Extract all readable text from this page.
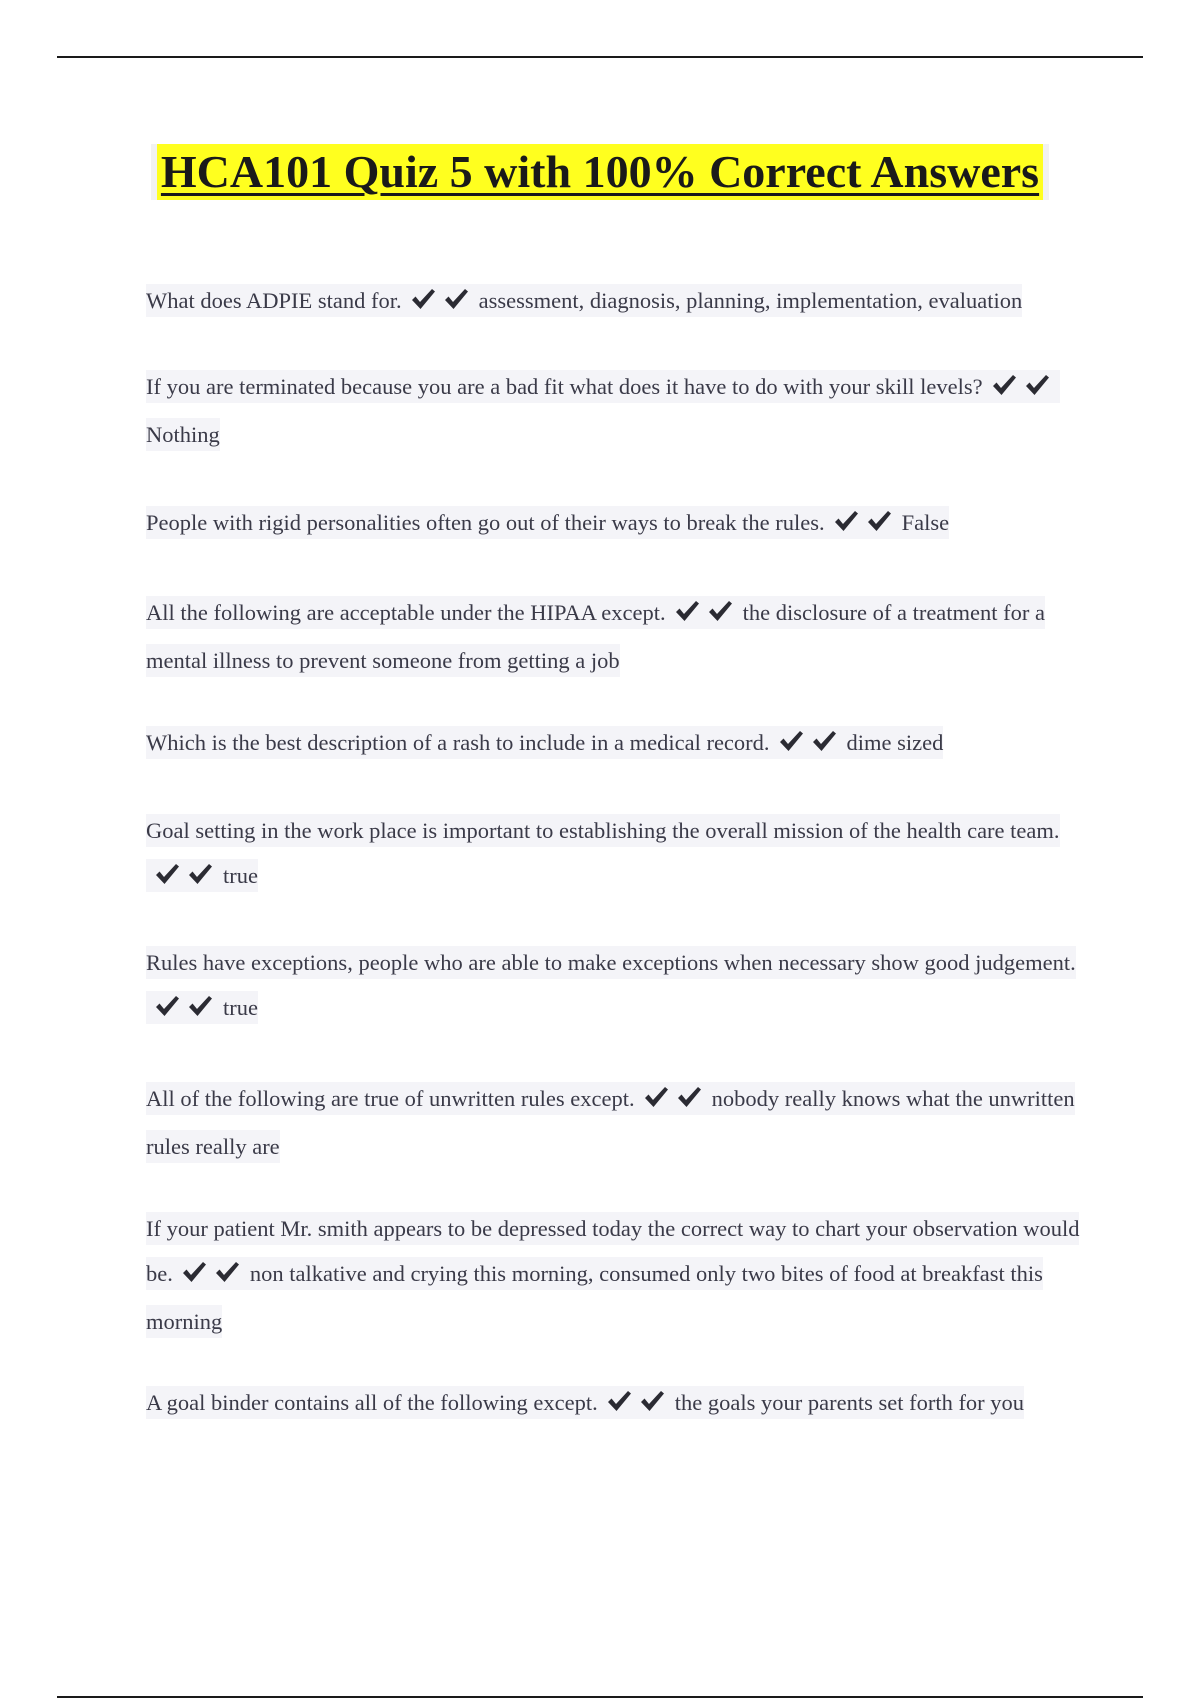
HCA101 Quiz 5 with 100% Correct Answers
What does ADPIE stand for.	assessment, diagnosis, planning, implementation, evaluation
If you are terminated because you are a bad fit what does it have to do with your skill levels?
Nothing
People with rigid personalities often go out of their ways to break the rules.	False
All the following are acceptable under the HIPAA except.	the disclosure of a treatment for a mental illness to prevent someone from getting a job
Which is the best description of a rash to include in a medical record.	dime sized
Goal setting in the work place is important to establishing the overall mission of the health care team.
true
Rules have exceptions, people who are able to make exceptions when necessary show good judgement.
true
All of the following are true of unwritten rules except.	nobody really knows what the unwritten rules really are
If your patient Mr. smith appears to be depressed today the correct way to chart your observation would be.	non talkative and crying this morning, consumed only two bites of food at breakfast this morning
A goal binder contains all of the following except.	the goals your parents set forth for you
